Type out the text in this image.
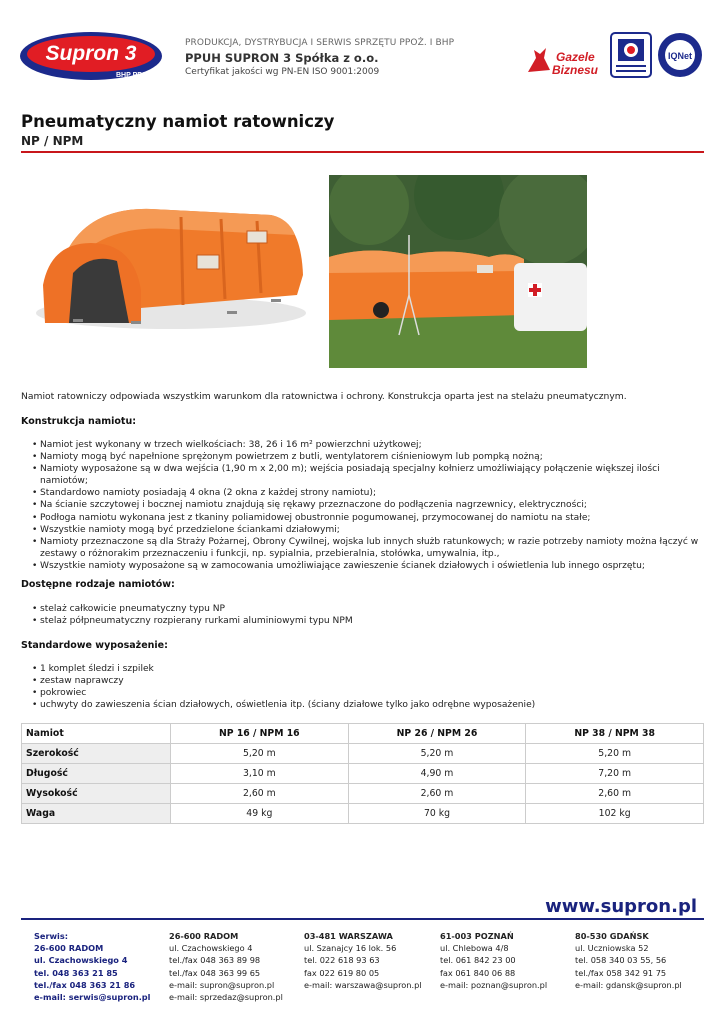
Supron 3
BHP PPOŻ.
PRODUKCJA, DYSTRYBUCJA I SERWIS SPRZĘTU PPOŻ. I BHP
PPUH SUPRON 3 Spółka z o.o.
Certyfikat jakości wg PN-EN ISO 9001:2009
Gazele
Biznesu
IQNet
Pneumatyczny namiot ratowniczy
NP / NPM
Namiot ratowniczy odpowiada wszystkim warunkom dla ratownictwa i ochrony. Konstrukcja oparta jest na stelażu pneumatycznym.
Konstrukcja namiotu:
• Namiot jest wykonany w trzech wielkościach: 38, 26 i 16 m² powierzchni użytkowej;
• Namioty mogą być napełnione sprężonym powietrzem z butli, wentylatorem ciśnieniowym lub pompką nożną;
• Namioty wyposażone są w dwa wejścia (1,90 m x 2,00 m); wejścia posiadają specjalny kołnierz umożliwiający połączenie większej ilości namiotów;
• Standardowo namioty posiadają 4 okna (2 okna z każdej strony namiotu);
• Na ścianie szczytowej i bocznej namiotu znajdują się rękawy przeznaczone do podłączenia nagrzewnicy, elektryczności;
• Podłoga namiotu wykonana jest z tkaniny poliamidowej obustronnie pogumowanej, przymocowanej do namiotu na stałe;
• Wszystkie namioty mogą być przedzielone ściankami działowymi;
• Namioty przeznaczone są dla Straży Pożarnej, Obrony Cywilnej, wojska lub innych służb ratunkowych; w razie potrzeby namioty można łączyć w zestawy o różnorakim przeznaczeniu i funkcji, np. sypialnia, przebieralnia, stołówka, umywalnia, itp.,
• Wszystkie namioty wyposażone są w zamocowania umożliwiające zawieszenie ścianek działowych i oświetlenia lub innego osprzętu;
Dostępne rodzaje namiotów:
• stelaż całkowicie pneumatyczny typu NP
• stelaż półpneumatyczny rozpierany rurkami aluminiowymi typu NPM
Standardowe wyposażenie:
• 1 komplet śledzi i szpilek
• zestaw naprawczy
• pokrowiec
• uchwyty do zawieszenia ścian działowych, oświetlenia itp. (ściany działowe tylko jako odrębne wyposażenie)
Namiot	NP 16 / NPM 16	NP 26 / NPM 26	NP 38 / NPM 38
Szerokość	5,20 m	5,20 m	5,20 m
Długość	3,10 m	4,90 m	7,20 m
Wysokość	2,60 m	2,60 m	2,60 m
Waga	49 kg	70 kg	102 kg
www.supron.pl
Serwis:
26-600 RADOM
ul. Czachowskiego 4
tel. 048 363 21 85
tel./fax 048 363 21 86
e-mail: serwis@supron.pl
26-600 RADOM
ul. Czachowskiego 4
tel./fax 048 363 89 98
tel./fax 048 363 99 65
e-mail: supron@supron.pl
e-mail: sprzedaz@supron.pl
03-481 WARSZAWA
ul. Szanajcy 16 lok. 56
tel. 022 618 93 63
fax 022 619 80 05
e-mail: warszawa@supron.pl
61-003 POZNAŃ
ul. Chlebowa 4/8
tel. 061 842 23 00
fax 061 840 06 88
e-mail: poznan@supron.pl
80-530 GDAŃSK
ul. Uczniowska 52
tel. 058 340 03 55, 56
tel./fax 058 342 91 75
e-mail: gdansk@supron.pl
